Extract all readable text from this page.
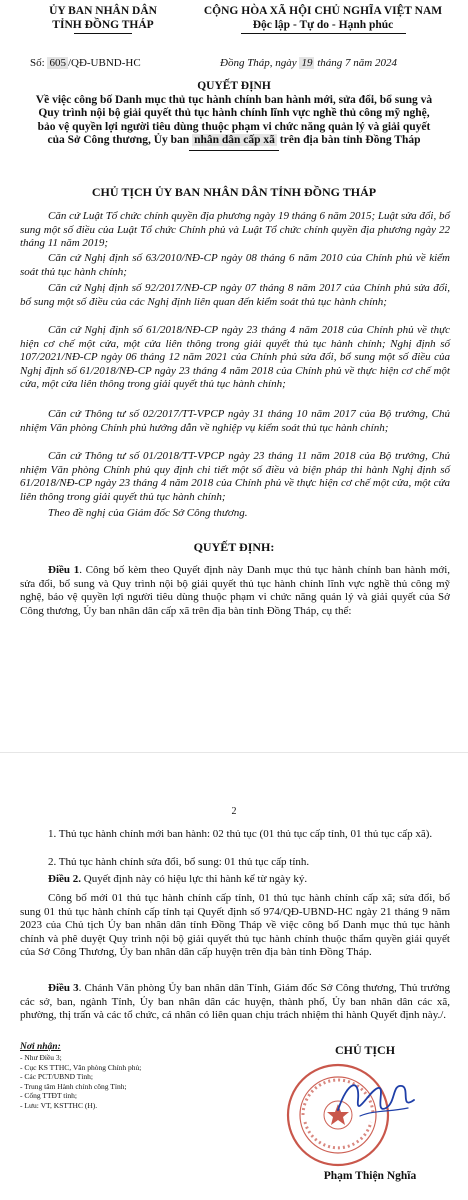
ỦY BAN NHÂN DÂN
TỈNH ĐỒNG THÁP
CỘNG HÒA XÃ HỘI CHỦ NGHĨA VIỆT NAM
Độc lập - Tự do - Hạnh phúc
Số: 605 /QĐ-UBND-HC	Đồng Tháp, ngày 19 tháng 7 năm 2024
QUYẾT ĐỊNH
Về việc công bố Danh mục thủ tục hành chính ban hành mới, sửa đổi, bổ sung và
Quy trình nội bộ giải quyết thủ tục hành chính lĩnh vực nghề thủ công mỹ nghệ,
bảo vệ quyền lợi người tiêu dùng thuộc phạm vi chức năng quản lý và giải quyết
của Sở Công thương, Ủy ban nhân dân cấp xã trên địa bàn tỉnh Đồng Tháp
CHỦ TỊCH ỦY BAN NHÂN DÂN TỈNH ĐỒNG THÁP
Căn cứ Luật Tổ chức chính quyền địa phương ngày 19 tháng 6 năm 2015; Luật sửa đổi, bổ sung một số điều của Luật Tổ chức Chính phủ và Luật Tổ chức chính quyền địa phương ngày 22 tháng 11 năm 2019;
Căn cứ Nghị định số 63/2010/NĐ-CP ngày 08 tháng 6 năm 2010 của Chính phủ về kiểm soát thủ tục hành chính;
Căn cứ Nghị định số 92/2017/NĐ-CP ngày 07 tháng 8 năm 2017 của Chính phủ sửa đổi, bổ sung một số điều của các Nghị định liên quan đến kiểm soát thủ tục hành chính;
Căn cứ Nghị định số 61/2018/NĐ-CP ngày 23 tháng 4 năm 2018 của Chính phủ về thực hiện cơ chế một cửa, một cửa liên thông trong giải quyết thủ tục hành chính; Nghị định số 107/2021/NĐ-CP ngày 06 tháng 12 năm 2021 của Chính phủ sửa đổi, bổ sung một số điều của Nghị định số 61/2018/NĐ-CP ngày 23 tháng 4 năm 2018 của Chính phủ về thực hiện cơ chế một cửa, một cửa liên thông trong giải quyết thủ tục hành chính;
Căn cứ Thông tư số 02/2017/TT-VPCP ngày 31 tháng 10 năm 2017 của Bộ trưởng, Chủ nhiệm Văn phòng Chính phủ hướng dẫn về nghiệp vụ kiểm soát thủ tục hành chính;
Căn cứ Thông tư số 01/2018/TT-VPCP ngày 23 tháng 11 năm 2018 của Bộ trưởng, Chủ nhiệm Văn phòng Chính phủ quy định chi tiết một số điều và biện pháp thi hành Nghị định số 61/2018/NĐ-CP ngày 23 tháng 4 năm 2018 của Chính phủ về thực hiện cơ chế một cửa, một cửa liên thông trong giải quyết thủ tục hành chính;
Theo đề nghị của Giám đốc Sở Công thương.
QUYẾT ĐỊNH:
Điều 1. Công bố kèm theo Quyết định này Danh mục thủ tục hành chính ban hành mới, sửa đổi, bổ sung và Quy trình nội bộ giải quyết thủ tục hành chính lĩnh vực nghề thủ công mỹ nghệ, bảo vệ quyền lợi người tiêu dùng thuộc phạm vi chức năng quản lý và giải quyết của Sở Công thương, Ủy ban nhân dân cấp xã trên địa bàn tỉnh Đồng Tháp, cụ thể:
2
1. Thủ tục hành chính mới ban hành: 02 thủ tục (01 thủ tục cấp tỉnh, 01 thủ tục cấp xã).
2. Thủ tục hành chính sửa đổi, bổ sung: 01 thủ tục cấp tỉnh.
Điều 2. Quyết định này có hiệu lực thi hành kể từ ngày ký.
Công bố mới 01 thủ tục hành chính cấp tỉnh, 01 thủ tục hành chính cấp xã; sửa đổi, bổ sung 01 thủ tục hành chính cấp tỉnh tại Quyết định số 974/QĐ-UBND-HC ngày 21 tháng 9 năm 2023 của Chủ tịch Ủy ban nhân dân tỉnh Đồng Tháp về việc công bố Danh mục thủ tục hành chính và phê duyệt Quy trình nội bộ giải quyết thủ tục hành chính thuộc thẩm quyền giải quyết của Sở Công Thương, Ủy ban nhân dân cấp huyện trên địa bàn tỉnh Đồng Tháp.
Điều 3. Chánh Văn phòng Ủy ban nhân dân Tỉnh, Giám đốc Sở Công thương, Thủ trưởng các sở, ban, ngành Tỉnh, Ủy ban nhân dân các huyện, thành phố, Ủy ban nhân dân các xã, phường, thị trấn và các tổ chức, cá nhân có liên quan chịu trách nhiệm thi hành Quyết định này./.
Nơi nhận:
- Như Điều 3;
- Cục KS TTHC, Văn phòng Chính phủ;
- Các PCT/UBND Tỉnh;
- Trung tâm Hành chính công Tỉnh;
- Cổng TTĐT tỉnh;
- Lưu: VT, KSTTHC (H).
CHỦ TỊCH
Phạm Thiện Nghĩa
